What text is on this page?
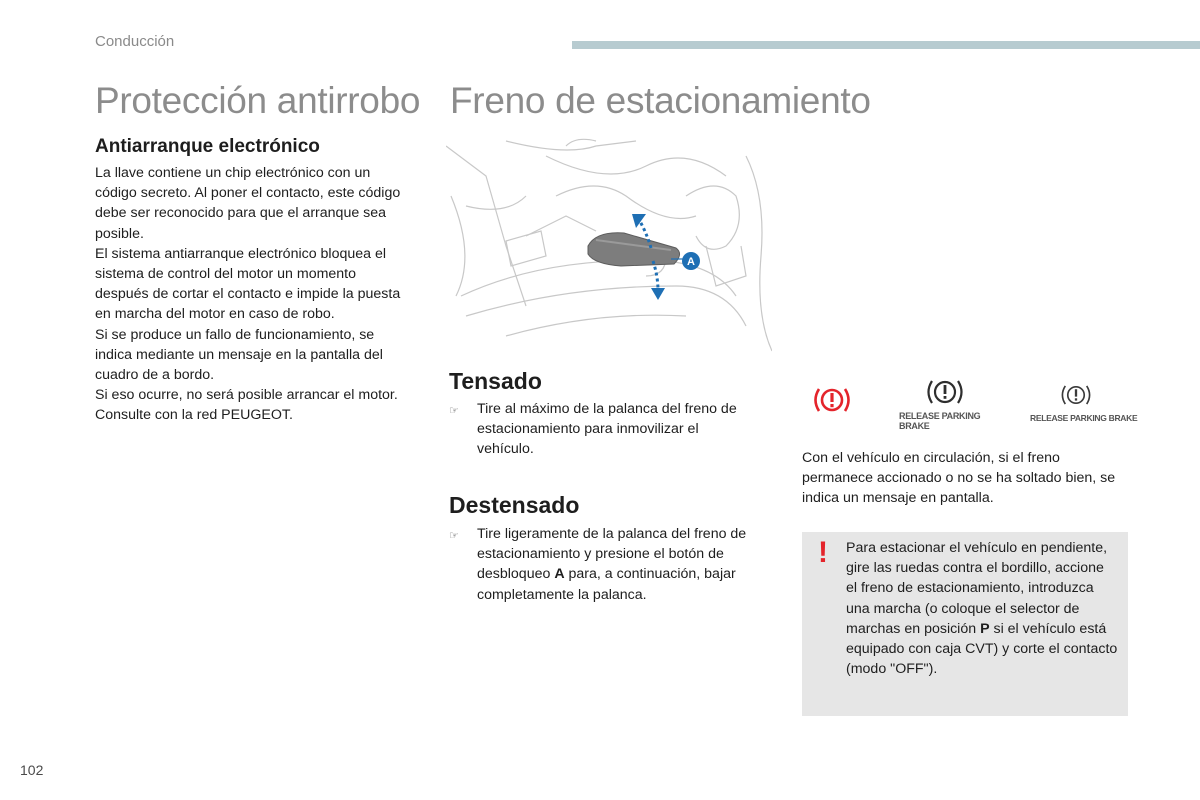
Conducción
Protección antirrobo
Antiarranque electrónico

La llave contiene un chip electrónico con un código secreto. Al poner el contacto, este código debe ser reconocido para que el arranque sea posible.

El sistema antiarranque electrónico bloquea el sistema de control del motor un momento después de cortar el contacto e impide la puesta en marcha del motor en caso de robo.

Si se produce un fallo de funcionamiento, se indica mediante un mensaje en la pantalla del cuadro de a bordo.

Si eso ocurre, no será posible arrancar el motor. Consulte con la red PEUGEOT.

Freno de estacionamiento
A
Tensado
☞	Tire al máximo de la palanca del freno de estacionamiento para inmovilizar el vehículo.
Destensado
☞	Tire ligeramente de la palanca del freno de estacionamiento y presione el botón de desbloqueo A para, a continuación, bajar completamente la palanca.
RELEASE PARKING BRAKE
RELEASE PARKING BRAKE
Con el vehículo en circulación, si el freno permanece accionado o no se ha soltado bien, se indica un mensaje en pantalla.
! Para estacionar el vehículo en pendiente, gire las ruedas contra el bordillo, accione el freno de estacionamiento, introduzca una marcha (o coloque el selector de marchas en posición P si el vehículo está equipado con caja CVT) y corte el contacto (modo "OFF").
102
